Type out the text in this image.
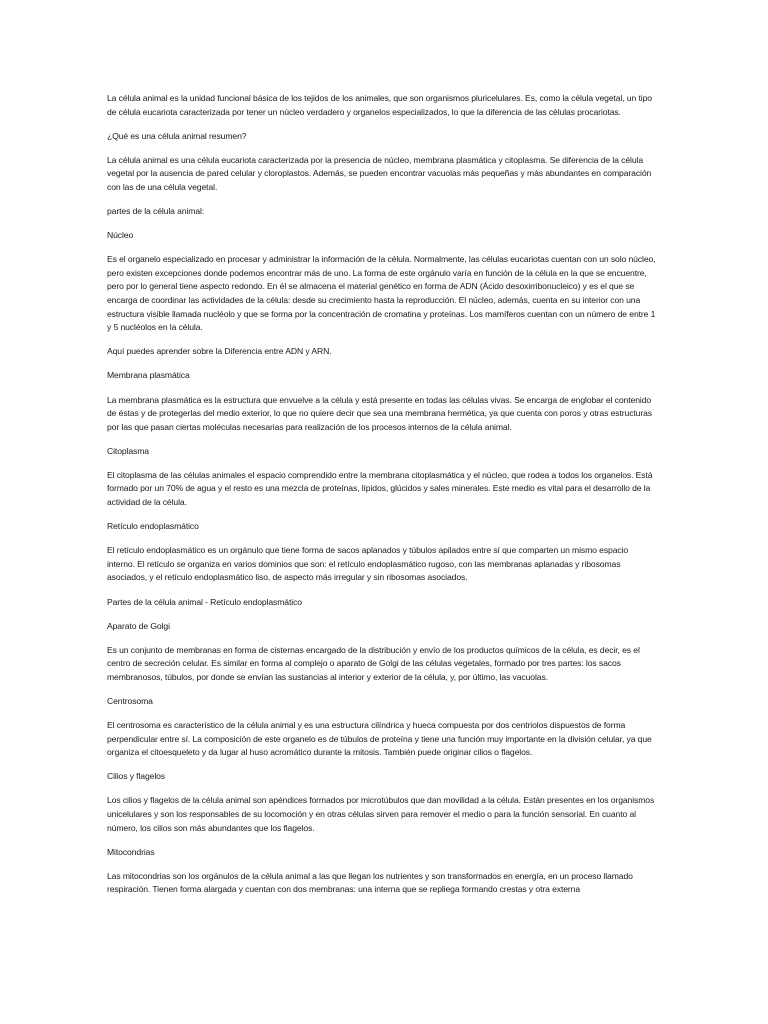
La célula animal es la unidad funcional básica de los tejidos de los animales, que son organismos pluricelulares. Es, como la célula vegetal, un tipo de célula eucariota caracterizada por tener un núcleo verdadero y organelos especializados, lo que la diferencia de las células procariotas.

¿Qué es una célula animal resumen?

La célula animal es una célula eucariota caracterizada por la presencia de núcleo, membrana plasmática y citoplasma. Se diferencia de la célula vegetal por la ausencia de pared celular y cloroplastos. Además, se pueden encontrar vacuolas más pequeñas y más abundantes en comparación con las de una célula vegetal.

partes de la célula animal:

Núcleo

Es el organelo especializado en procesar y administrar la información de la célula. Normalmente, las células eucariotas cuentan con un solo núcleo, pero existen excepciones donde podemos encontrar más de uno. La forma de este orgánulo varía en función de la célula en la que se encuentre, pero por lo general tiene aspecto redondo. En él se almacena el material genético en forma de ADN (Ácido desoxirribonucleico) y es el que se encarga de coordinar las actividades de la célula: desde su crecimiento hasta la reproducción. El núcleo, además, cuenta en su interior con una estructura visible llamada nucléolo y que se forma por la concentración de cromatina y proteínas. Los mamíferos cuentan con un número de entre 1 y 5 nucléolos en la célula.

Aquí puedes aprender sobre la Diferencia entre ADN y ARN.

Membrana plasmática

La membrana plasmática es la estructura que envuelve a la célula y está presente en todas las células vivas. Se encarga de englobar el contenido de éstas y de protegerlas del medio exterior, lo que no quiere decir que sea una membrana hermética, ya que cuenta con poros y otras estructuras por las que pasan ciertas moléculas necesarias para realización de los procesos internos de la célula animal.

Citoplasma

El citoplasma de las células animales el espacio comprendido entre la membrana citoplasmática y el núcleo, que rodea a todos los organelos. Está formado por un 70% de agua y el resto es una mezcla de proteínas, lípidos, glúcidos y sales minerales. Este medio es vital para el desarrollo de la actividad de la célula.

Retículo endoplasmático

El retículo endoplasmático es un orgánulo que tiene forma de sacos aplanados y túbulos apilados entre sí que comparten un mismo espacio interno. El retículo se organiza en varios dominios que son: el retículo endoplasmático rugoso, con las membranas aplanadas y ribosomas asociados, y el retículo endoplasmático liso, de aspecto más irregular y sin ribosomas asociados.

Partes de la célula animal - Retículo endoplasmático

Aparato de Golgi

Es un conjunto de membranas en forma de cisternas encargado de la distribución y envío de los productos químicos de la célula, es decir, es el centro de secreción celular. Es similar en forma al complejo o aparato de Golgi de las células vegetales, formado por tres partes: los sacos membranosos, túbulos, por donde se envían las sustancias al interior y exterior de la célula, y, por último, las vacuolas.

Centrosoma

El centrosoma es característico de la célula animal y es una estructura cilíndrica y hueca compuesta por dos centriolos dispuestos de forma perpendicular entre sí. La composición de este organelo es de túbulos de proteína y tiene una función muy importante en la división celular, ya que organiza el citoesqueleto y da lugar al huso acromático durante la mitosis. También puede originar cilios o flagelos.

Cilios y flagelos

Los cilios y flagelos de la célula animal son apéndices formados por microtúbulos que dan movilidad a la célula. Están presentes en los organismos unicelulares y son los responsables de su locomoción y en otras células sirven para remover el medio o para la función sensorial. En cuanto al número, los cilios son más abundantes que los flagelos.

Mitocondrias

Las mitocondrias son los orgánulos de la célula animal a las que llegan los nutrientes y son transformados en energía, en un proceso llamado respiración. Tienen forma alargada y cuentan con dos membranas: una interna que se repliega formando crestas y otra externa
